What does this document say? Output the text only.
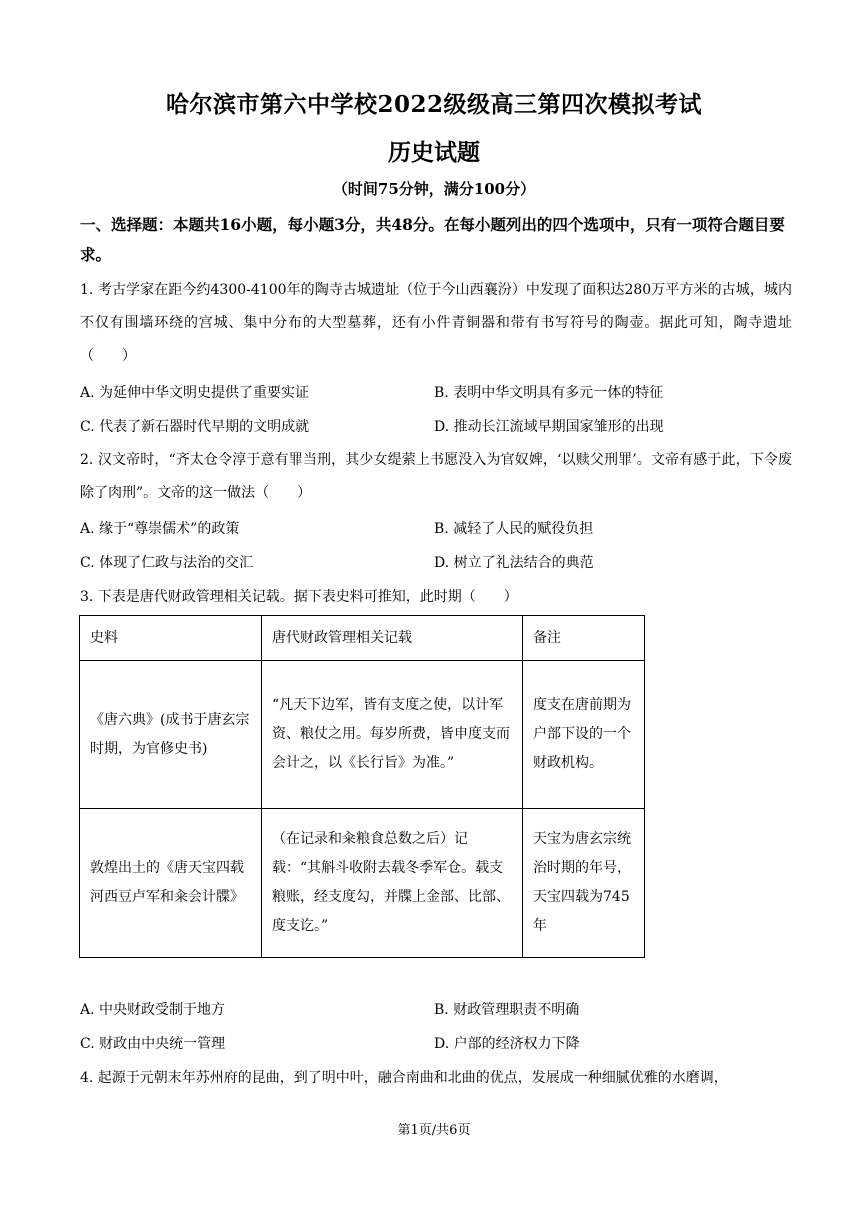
哈尔滨市第六中学校2022级级高三第四次模拟考试
历史试题
（时间75分钟，满分100分）
一、选择题：本题共16小题，每小题3分，共48分。在每小题列出的四个选项中，只有一项符合题目要求。
1. 考古学家在距今约4300-4100年的陶寺古城遗址（位于今山西襄汾）中发现了面积达280万平方米的古城，城内不仅有围墙环绕的宫城、集中分布的大型墓葬，还有小件青铜器和带有书写符号的陶壶。据此可知，陶寺遗址（　　）
A. 为延伸中华文明史提供了重要实证	B. 表明中华文明具有多元一体的特征
C. 代表了新石器时代早期的文明成就	D. 推动长江流域早期国家雏形的出现
2. 汉文帝时，“齐太仓令淳于意有罪当刑，其少女缇萦上书愿没入为官奴婢，‘以赎父刑罪’。文帝有感于此，下令废除了肉刑”。文帝的这一做法（　　）
A. 缘于“尊崇儒术”的政策	B. 减轻了人民的赋役负担
C. 体现了仁政与法治的交汇	D. 树立了礼法结合的典范
3. 下表是唐代财政管理相关记载。据下表史料可推知，此时期（　　）
史料	唐代财政管理相关记载	备注
《唐六典》(成书于唐玄宗时期，为官修史书)	“凡天下边军，皆有支度之使，以计军资、粮仗之用。每岁所费，皆申度支而会计之，以《长行旨》为准。”	度支在唐前期为户部下设的一个财政机构。
敦煌出土的《唐天宝四载河西豆卢军和籴会计牒》	（在记录和籴粮食总数之后）记载：“其斛斗收附去载冬季军仓。载支粮账，经支度勾，并牒上金部、比部、度支讫。”	天宝为唐玄宗统治时期的年号，天宝四载为745年
A. 中央财政受制于地方	B. 财政管理职责不明确
C. 财政由中央统一管理	D. 户部的经济权力下降
4. 起源于元朝末年苏州府的昆曲，到了明中叶，融合南曲和北曲的优点，发展成一种细腻优雅的水磨调，
第1页/共6页
